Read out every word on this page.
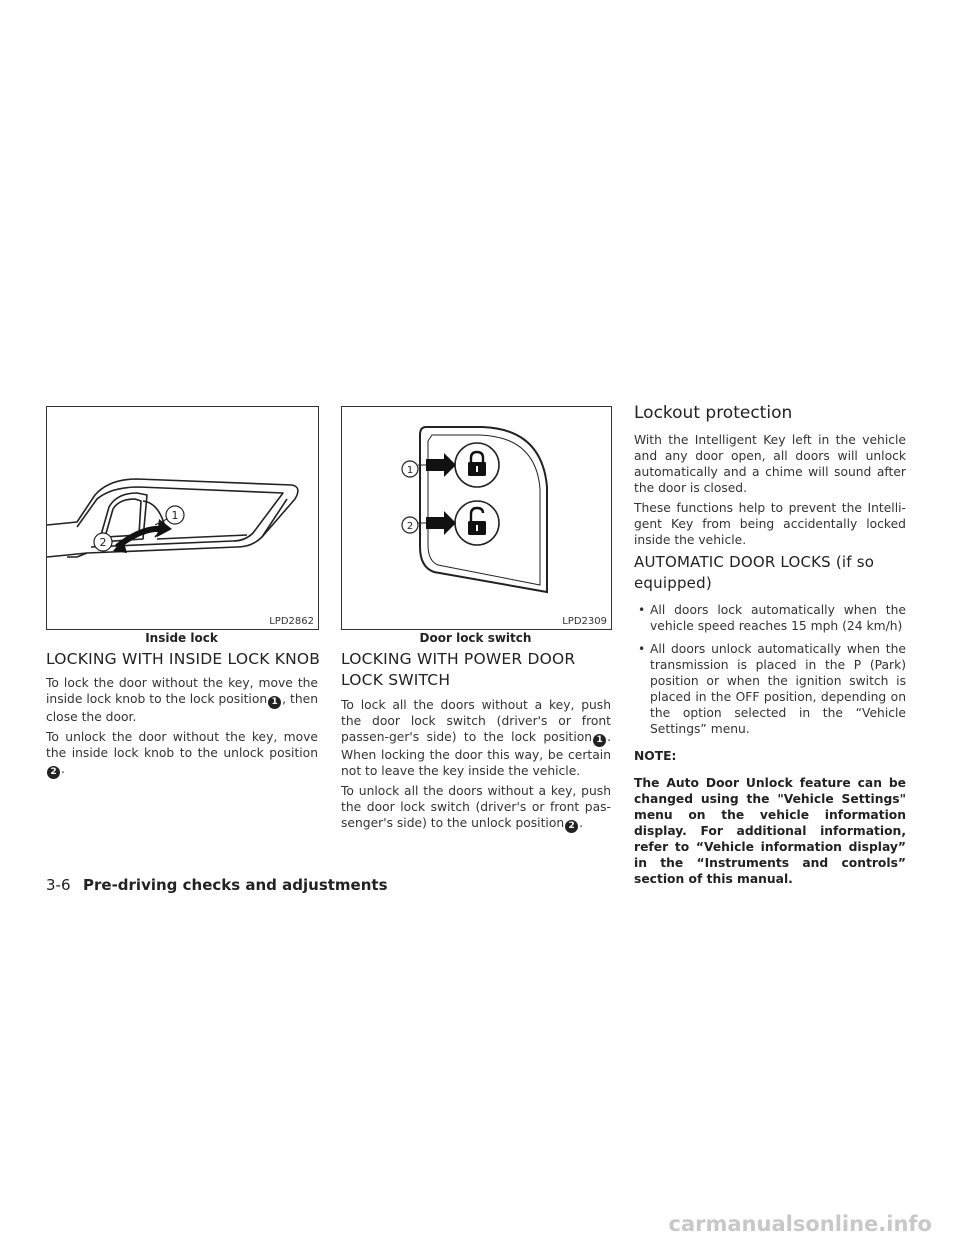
1
2
LPD2862
Inside lock
1
2
LPD2309
Door lock switch
LOCKING WITH INSIDE LOCK KNOB

To lock the door without the key, move the inside lock knob to the lock position 1 , then close the door.

To unlock the door without the key, move the inside lock knob to the unlock position 2 .

LOCKING WITH POWER DOOR LOCK SWITCH

To lock all the doors without a key, push the door lock switch (driver's or front passen-ger's side) to the lock position 1 . When locking the door this way, be certain not to leave the key inside the vehicle.

To unlock all the doors without a key, push the door lock switch (driver's or front pas-senger's side) to the unlock position 2 .

Lockout protection

With the Intelligent Key left in the vehicle and any door open, all doors will unlock automatically and a chime will sound after the door is closed.

These functions help to prevent the Intelli-gent Key from being accidentally locked inside the vehicle.

AUTOMATIC DOOR LOCKS (if so equipped)
• All doors lock automatically when the vehicle speed reaches 15 mph (24 km/h)
• All doors unlock automatically when the transmission is placed in the P (Park) position or when the ignition switch is placed in the OFF position, depending on the option selected in the “Vehicle Settings” menu.
NOTE:
The Auto Door Unlock feature can be changed using the "Vehicle Settings" menu on the vehicle information display. For additional information, refer to “Vehicle information display” in the “Instruments and controls” section of this manual.
3-6 Pre-driving checks and adjustments
carmanualsonline.info
